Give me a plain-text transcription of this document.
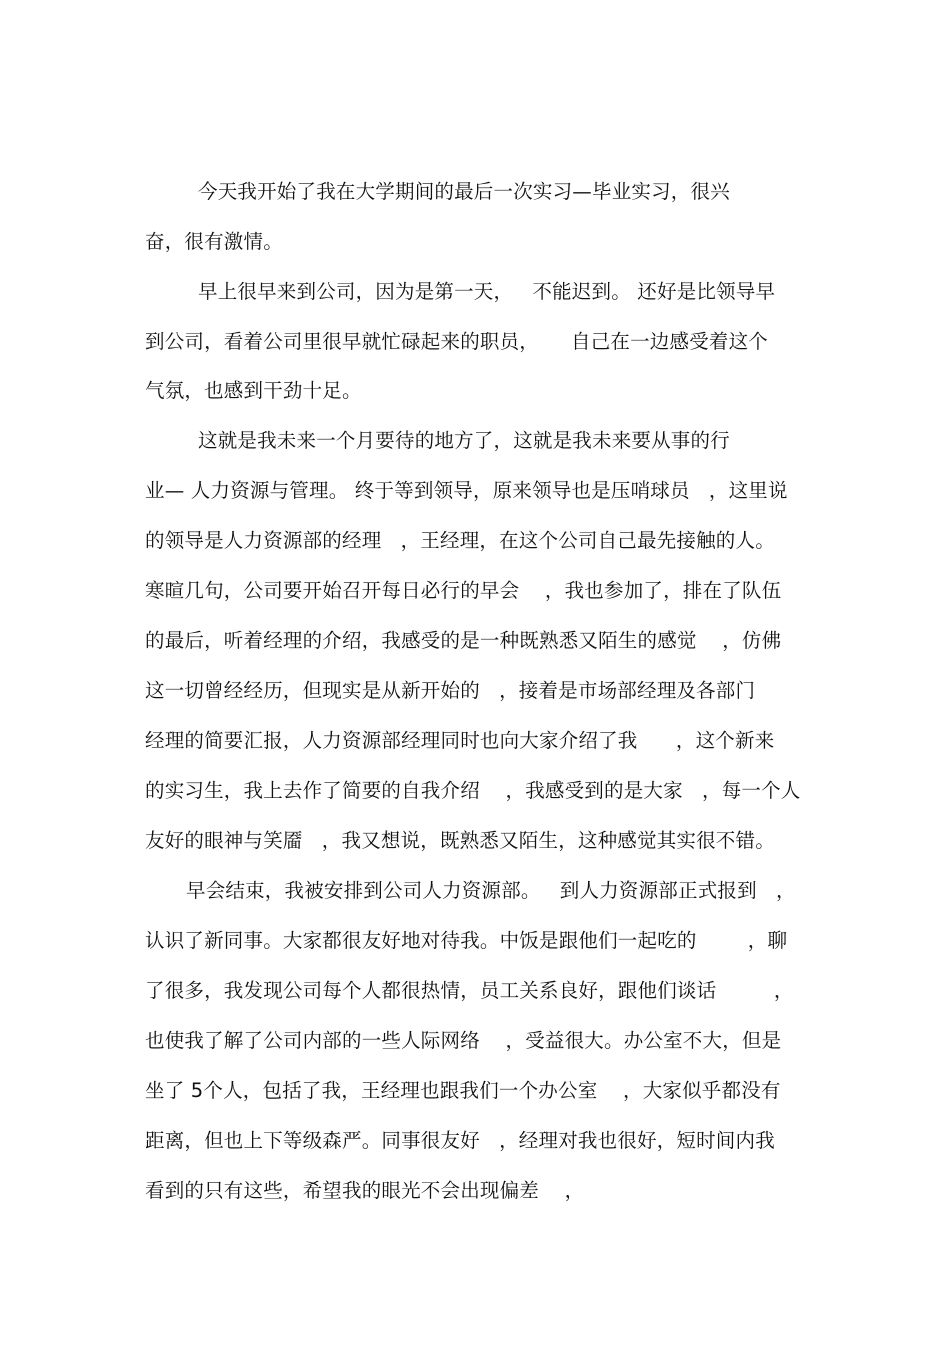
今天我开始了我在大学期间的最后一次实习—毕业实习，很兴
奋，很有激情。
早上很早来到公司，因为是第一天，   不能迟到。 还好是比领导早
到公司，看着公司里很早就忙碌起来的职员，     自己在一边感受着这个
气氛，也感到干劲十足。
这就是我未来一个月要待的地方了，这就是我未来要从事的行
业— 人力资源与管理。 终于等到领导，原来领导也是压哨球员   ，这里说
的领导是人力资源部的经理   ，王经理，在这个公司自己最先接触的人。
寒暄几句，公司要开始召开每日必行的早会    ，我也参加了，排在了队伍
的最后，听着经理的介绍，我感受的是一种既熟悉又陌生的感觉    ，仿佛
这一切曾经经历，但现实是从新开始的   ，接着是市场部经理及各部门
经理的简要汇报，人力资源部经理同时也向大家介绍了我      ，这个新来
的实习生，我上去作了简要的自我介绍    ，我感受到的是大家   ，每一个人
友好的眼神与笑靥   ，我又想说，既熟悉又陌生，这种感觉其实很不错。
早会结束，我被安排到公司人力资源部。   到人力资源部正式报到   ，
认识了新同事。大家都很友好地对待我。中饭是跟他们一起吃的        ，聊
了很多，我发现公司每个人都很热情，员工关系良好，跟他们谈话         ，
也使我了解了公司内部的一些人际网络    ，受益很大。办公室不大，但是
坐了 5个人，包括了我，王经理也跟我们一个办公室    ，大家似乎都没有
距离，但也上下等级森严。同事很友好   ，经理对我也很好，短时间内我
看到的只有这些，希望我的眼光不会出现偏差    ，
